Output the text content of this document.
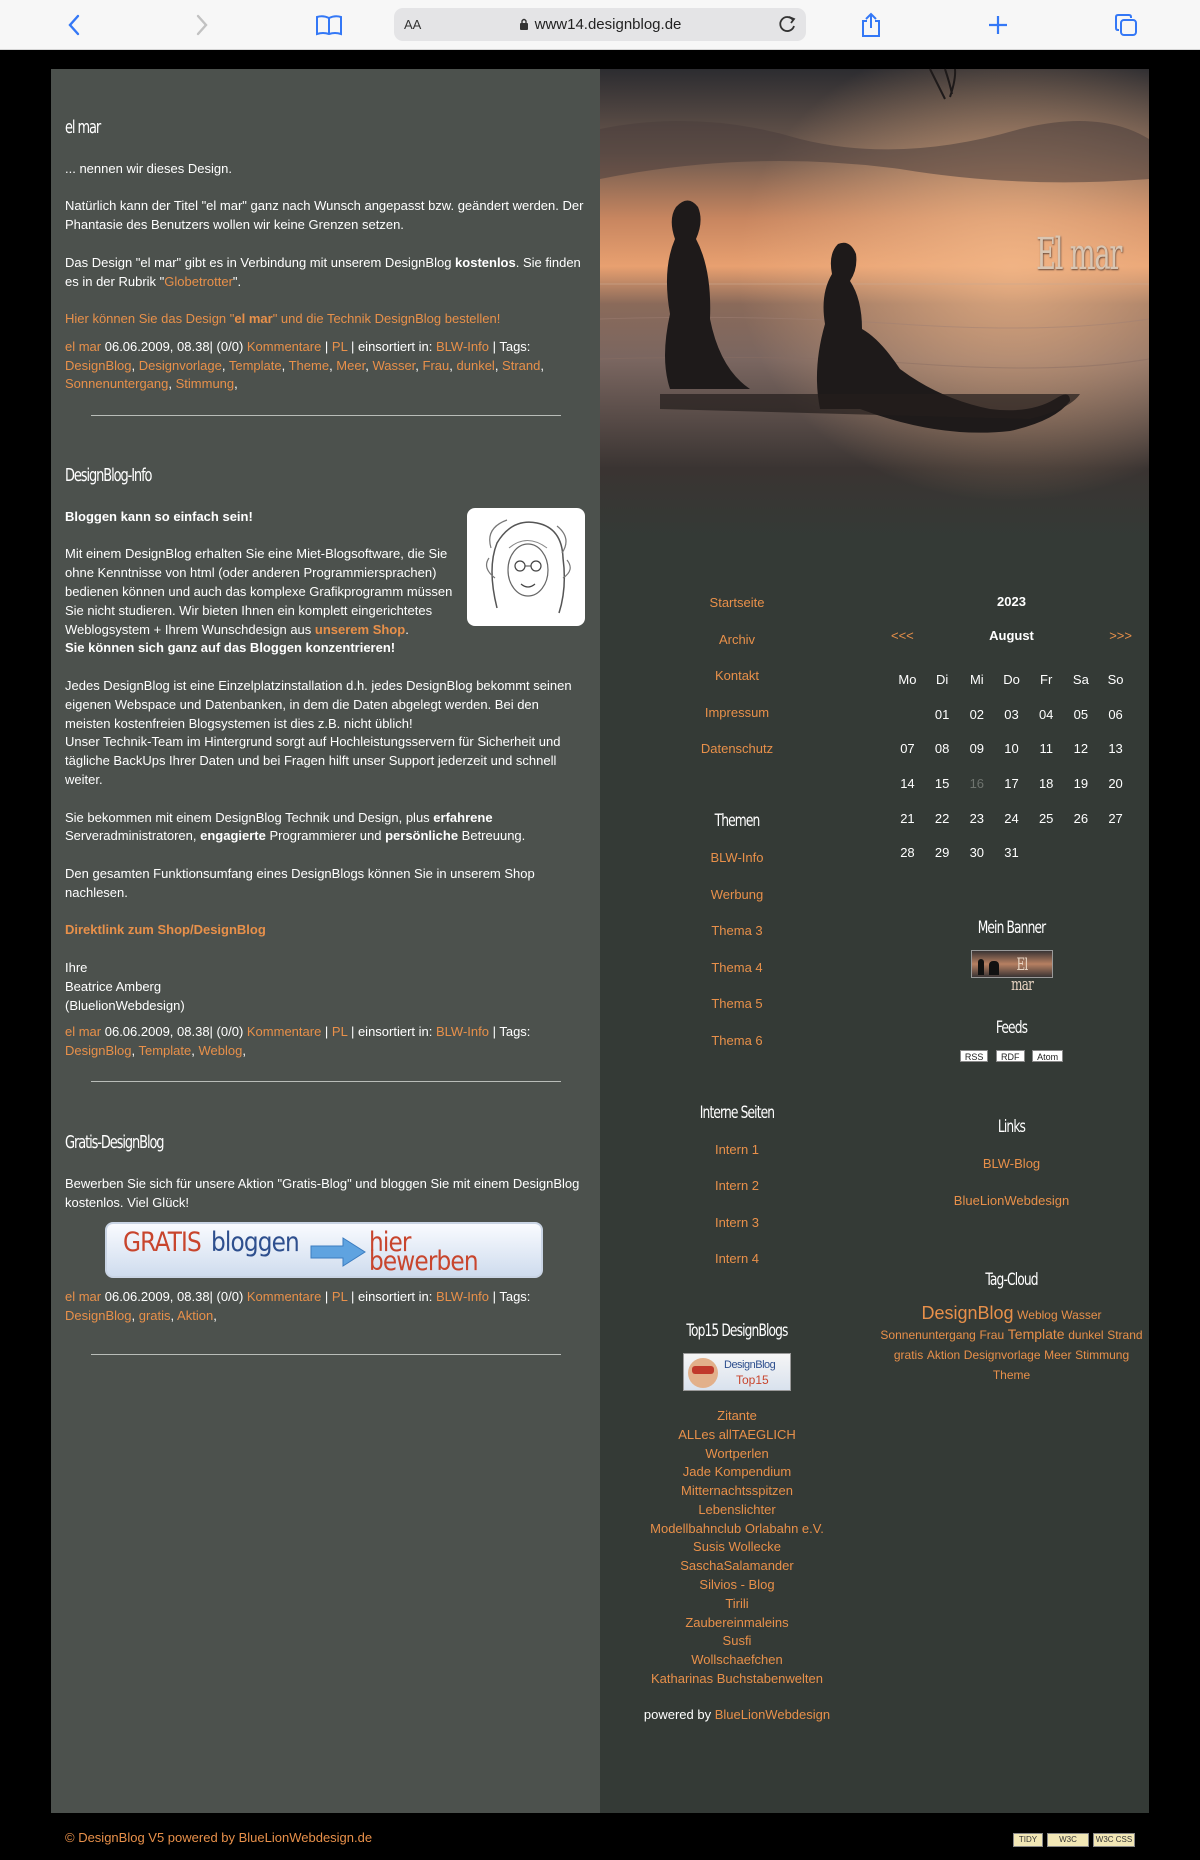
AA	www14.designblog.de
el mar

... nennen wir dieses Design.

Natürlich kann der Titel "el mar" ganz nach Wunsch angepasst bzw. geändert werden. Der Phantasie des Benutzers wollen wir keine Grenzen setzen.

Das Design "el mar" gibt es in Verbindung mit unserem DesignBlog kostenlos. Sie finden es in der Rubrik "Globetrotter".

Hier können Sie das Design "el mar" und die Technik DesignBlog bestellen!

el mar 06.06.2009, 08.38| (0/0) Kommentare | PL | einsortiert in: BLW-Info | Tags: DesignBlog, Designvorlage, Template, Theme, Meer, Wasser, Frau, dunkel, Strand, Sonnenuntergang, Stimmung,
DesignBlog-Info

Bloggen kann so einfach sein!

Mit einem DesignBlog erhalten Sie eine Miet-Blogsoftware, die Sie ohne Kenntnisse von html (oder anderen Programmiersprachen) bedienen können und auch das komplexe Grafikprogramm müssen Sie nicht studieren. Wir bieten Ihnen ein komplett eingerichtetes Weblogsystem + Ihrem Wunschdesign aus unserem Shop.
Sie können sich ganz auf das Bloggen konzentrieren!

Jedes DesignBlog ist eine Einzelplatzinstallation d.h. jedes DesignBlog bekommt seinen eigenen Webspace und Datenbanken, in dem die Daten abgelegt werden. Bei den meisten kostenfreien Blogsystemen ist dies z.B. nicht üblich!
Unser Technik-Team im Hintergrund sorgt auf Hochleistungsservern für Sicherheit und tägliche BackUps Ihrer Daten und bei Fragen hilft unser Support jederzeit und schnell weiter.

Sie bekommen mit einem DesignBlog Technik und Design, plus erfahrene Serveradministratoren, engagierte Programmierer und persönliche Betreuung.

Den gesamten Funktionsumfang eines DesignBlogs können Sie in unserem Shop nachlesen.

Direktlink zum Shop/DesignBlog

Ihre
Beatrice Amberg
(BluelionWebdesign)

el mar 06.06.2009, 08.38| (0/0) Kommentare | PL | einsortiert in: BLW-Info | Tags: DesignBlog, Template, Weblog,
Gratis-DesignBlog

Bewerben Sie sich für unsere Aktion "Gratis-Blog" und bloggen Sie mit einem DesignBlog kostenlos. Viel Glück!

GRATIS bloggen	hier bewerben
el mar 06.06.2009, 08.38| (0/0) Kommentare | PL | einsortiert in: BLW-Info | Tags: DesignBlog, gratis, Aktion,
El mar
Startseite
Archiv
Kontakt
Impressum
Datenschutz
Themen
BLW-Info
Werbung
Thema 3
Thema 4
Thema 5
Thema 6
Interne Seiten
Intern 1
Intern 2
Intern 3
Intern 4
Top15 DesignBlogs
DesignBlog
Top15
Zitante
ALLes allTAEGLICH
Wortperlen
Jade Kompendium
Mitternachtsspitzen
Lebenslichter
Modellbahnclub Orlabahn e.V.
Susis Wollecke
SaschaSalamander
Silvios - Blog
Tirili
Zaubereinmaleins
Susfi
Wollschaefchen
Katharinas Buchstabenwelten
powered by BlueLionWebdesign
2023
<<<	August	>>>
Mo	Di	Mi	Do	Fr	Sa	So
	01	02	03	04	05	06
07	08	09	10	11	12	13
14	15	16	17	18	19	20
21	22	23	24	25	26	27
28	29	30	31			
Mein Banner
El mar
Feeds
RSS RDF Atom
Links
BLW-Blog
BlueLionWebdesign
Tag-Cloud
DesignBlog Weblog Wasser Sonnenuntergang Frau Template dunkel Strand gratis Aktion Designvorlage Meer Stimmung Theme
© DesignBlog V5 powered by BlueLionWebdesign.de	TIDY	W3C	W3C CSS
